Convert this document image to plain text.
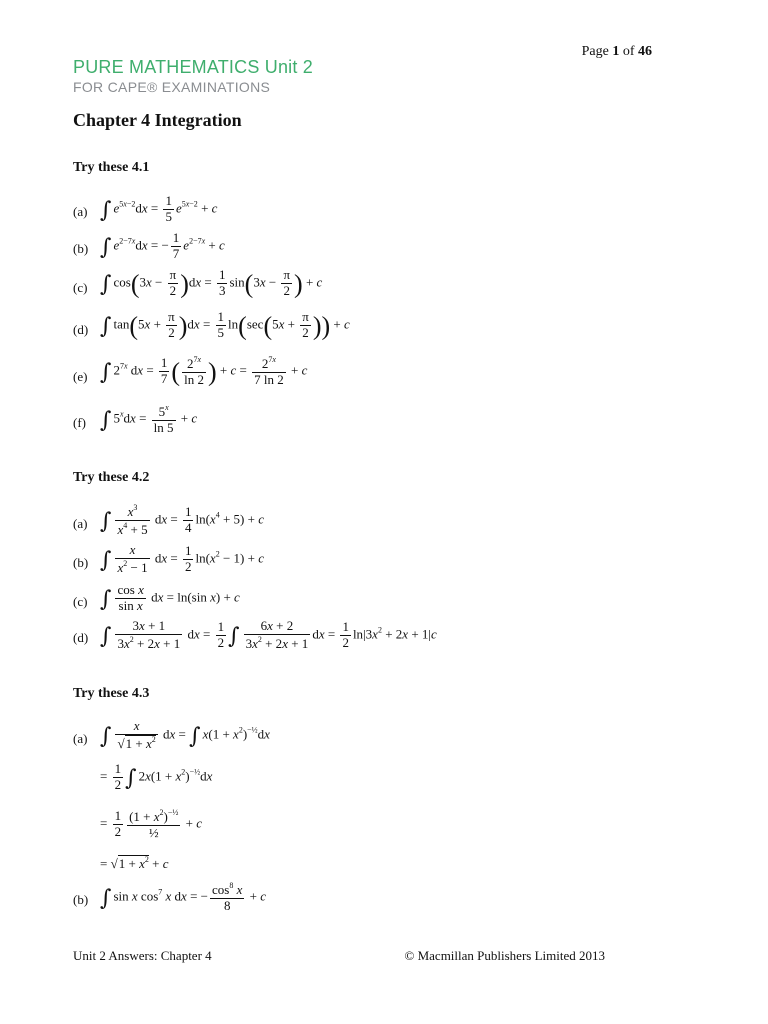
Page 1 of 46
PURE MATHEMATICS Unit 2
FOR CAPE® EXAMINATIONS
Chapter 4 Integration
Try these 4.1
(a) ∫ $e^{5x-2}dx = \frac{1}{5} e^{5x-2} + c$
(b) ∫ $e^{2-7x}dx$ = − $\frac{1}{7} e^{2-7x} + c$
(c) ∫ $\cos(3x - \frac{\pi}{2} )dx = \frac{1}{3} \sin(3x - \frac{\pi}{2}$ ) + c
(d) ∫ $\tan(5x + \frac{\pi}{2} )dx = \frac{1}{5} \ln(\sec(5x + \frac{\pi}{2}$ )) + c
(e) ∫ $2^{7x}$ dx = $\frac{1}{7}$ ( $\frac{2^{7x}}{\ln 2}$ ) + $c = \frac{2^{7x}}{7 \ln 2} + c$
(f) ∫ $5^xdx = \frac{5^x}{\ln 5} + c$
Try these 4.2
(a) ∫ $\frac{x^3}{x^4 + 5}$ dx = $\frac{1}{4} \ln(x^4 + 5) + c$
(b) ∫ $\frac{x}{x^2 - 1}$ dx = $\frac{1}{2} \ln(x^2 - 1) + c$
(c) ∫ $\frac{\text{cos x}}{\text{sin x}}$ dx = ln(sin x) + c
(d) ∫ $\frac{3x + 1}{3x^2 + 2x + 1}$ dx = $\frac{1}{2}$ ∫ $\frac{6x + 2}{3x^2 + 2x + 1}$ dx = $\frac{1}{2} \ln|3x^2 + 2x + 1|c$
Try these 4.3
(a) ∫ $\frac{x}{√1 + x^2}$ dx = ∫ $x(1 + x^2)^{-\frac{1}{2}}dx$
= $\frac{1}{2}$ ∫ $2x(1 + x^2)^{-\frac{1}{2}}dx$
= $\frac{1}{2} \frac{(1 + x^2)^{-\frac{1}{2}}}{\text{½}} + c$
= $√1 + x^2 + c$
(b) ∫ sin x $\cos^7 x$ dx = − $\frac{\cos^8 x}{8} + c$
Unit 2 Answers: Chapter 4	© Macmillan Publishers Limited 2013
